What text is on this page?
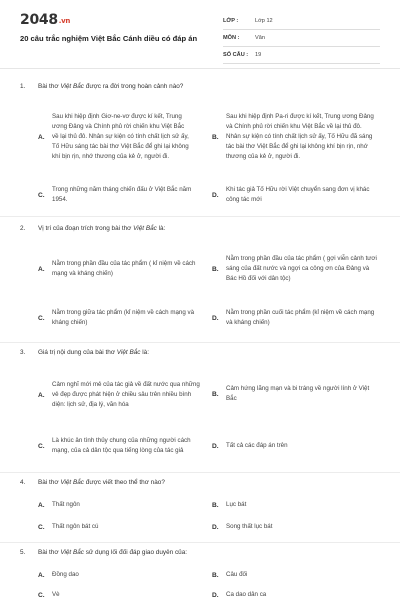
2048.vn
20 câu trắc nghiệm Việt Bắc Cánh diều có đáp án
LỚP :	Lớp 12
MÔN :	Văn
SỐ CÂU :	19
1. Bài thơ Việt Bắc được ra đời trong hoàn cảnh nào?
A.
Sau khi hiệp định Giơ-ne-vơ được kí kết, Trung ương Đảng và Chính phủ rời chiến khu Việt Bắc về lại thủ đô. Nhân sự kiện có tính chất lịch sử ấy, Tố Hữu sáng tác bài thơ Việt Bắc để ghi lại không khí bịn rịn, nhớ thương của kẻ ở, người đi.
B.
Sau khi hiệp định Pa-ri được kí kết, Trung ương Đảng và Chính phủ rời chiến khu Việt Bắc về lại thủ đô. Nhân sự kiện có tính chất lịch sử ấy, Tố Hữu đã sáng tác bài thơ Việt Bắc để ghi lại không khí bịn rịn, nhớ thương của kẻ ở, người đi.
C.
Trong những năm tháng chiến đấu ở Việt Bắc năm 1954.
D.
Khi tác giả Tố Hữu rời Việt chuyển sang đơn vị khác công tác mới
2. Vị trí của đoạn trích trong bài thơ Việt Bắc là:
A.
Nằm trong phần đầu của tác phẩm ( kỉ niệm về cách mạng và kháng chiến)
B.
Nằm trong phần đầu của tác phẩm ( gợi viễn cảnh tươi sáng của đất nước và ngợi ca công ơn của Đảng và Bác Hồ đối với dân tộc)
C.
Nằm trong giữa tác phẩm (kỉ niệm về cách mạng và kháng chiến)
D.
Nằm trong phần cuối tác phẩm (kỉ niệm về cách mạng và kháng chiến)
3. Giá trị nội dung của bài thơ Việt Bắc là:
A.
Cảm nghĩ mới mẻ của tác giả về đất nước qua những vẻ đẹp được phát hiện ở chiều sâu trên nhiều bình diện: lịch sử, địa lý, văn hóa
B.
Cảm hứng lãng mạn và bi tráng về người lính ở Việt Bắc
C.
Là khúc ân tình thủy chung của những người cách mạng, của cả dân tộc qua tiếng lòng của tác giả
D.	Tất cả các đáp án trên
4. Bài thơ Việt Bắc được viết theo thể thơ nào?
A.	Thất ngôn	B.	Lục bát
C.	Thất ngôn bát cú	D.	Song thất lục bát
5. Bài thơ Việt Bắc sử dụng lối đối đáp giao duyên của:
A.	Đồng dao	B.	Câu đối
C.	Vè	D.	Ca dao dân ca
